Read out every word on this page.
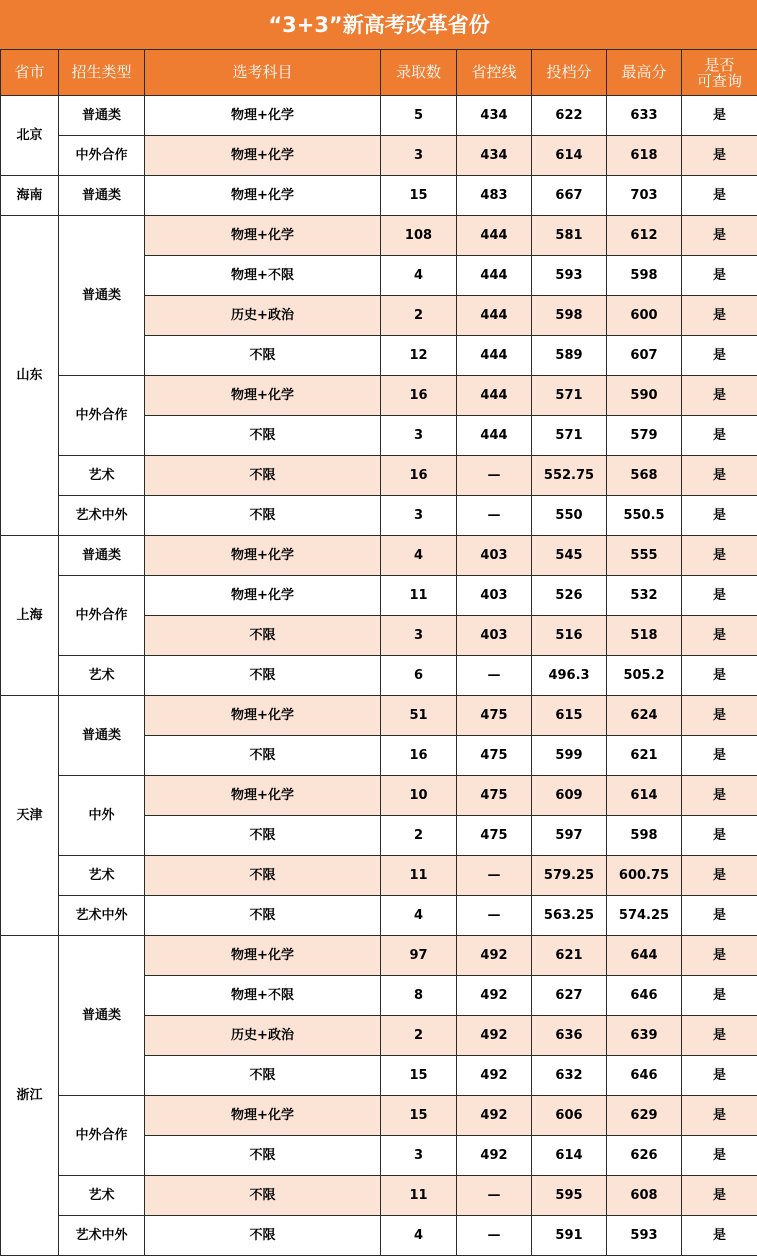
“3+3”新高考改革省份							
省市	招生类型	选考科目	录取数	省控线	投档分	最高分	是否
可查询
北京	普通类	物理+化学	5	434	622	633	是
	中外合作	物理+化学	3	434	614	618	是
海南	普通类	物理+化学	15	483	667	703	是
山东	普通类	物理+化学	108	444	581	612	是
		物理+不限	4	444	593	598	是
		历史+政治	2	444	598	600	是
		不限	12	444	589	607	是
	中外合作	物理+化学	16	444	571	590	是
		不限	3	444	571	579	是
	艺术	不限	16	—	552.75	568	是
	艺术中外	不限	3	—	550	550.5	是
上海	普通类	物理+化学	4	403	545	555	是
	中外合作	物理+化学	11	403	526	532	是
		不限	3	403	516	518	是
	艺术	不限	6	—	496.3	505.2	是
天津	普通类	物理+化学	51	475	615	624	是
		不限	16	475	599	621	是
	中外	物理+化学	10	475	609	614	是
		不限	2	475	597	598	是
	艺术	不限	11	—	579.25	600.75	是
	艺术中外	不限	4	—	563.25	574.25	是
浙江	普通类	物理+化学	97	492	621	644	是
		物理+不限	8	492	627	646	是
		历史+政治	2	492	636	639	是
		不限	15	492	632	646	是
	中外合作	物理+化学	15	492	606	629	是
		不限	3	492	614	626	是
	艺术	不限	11	—	595	608	是
	艺术中外	不限	4	—	591	593	是
